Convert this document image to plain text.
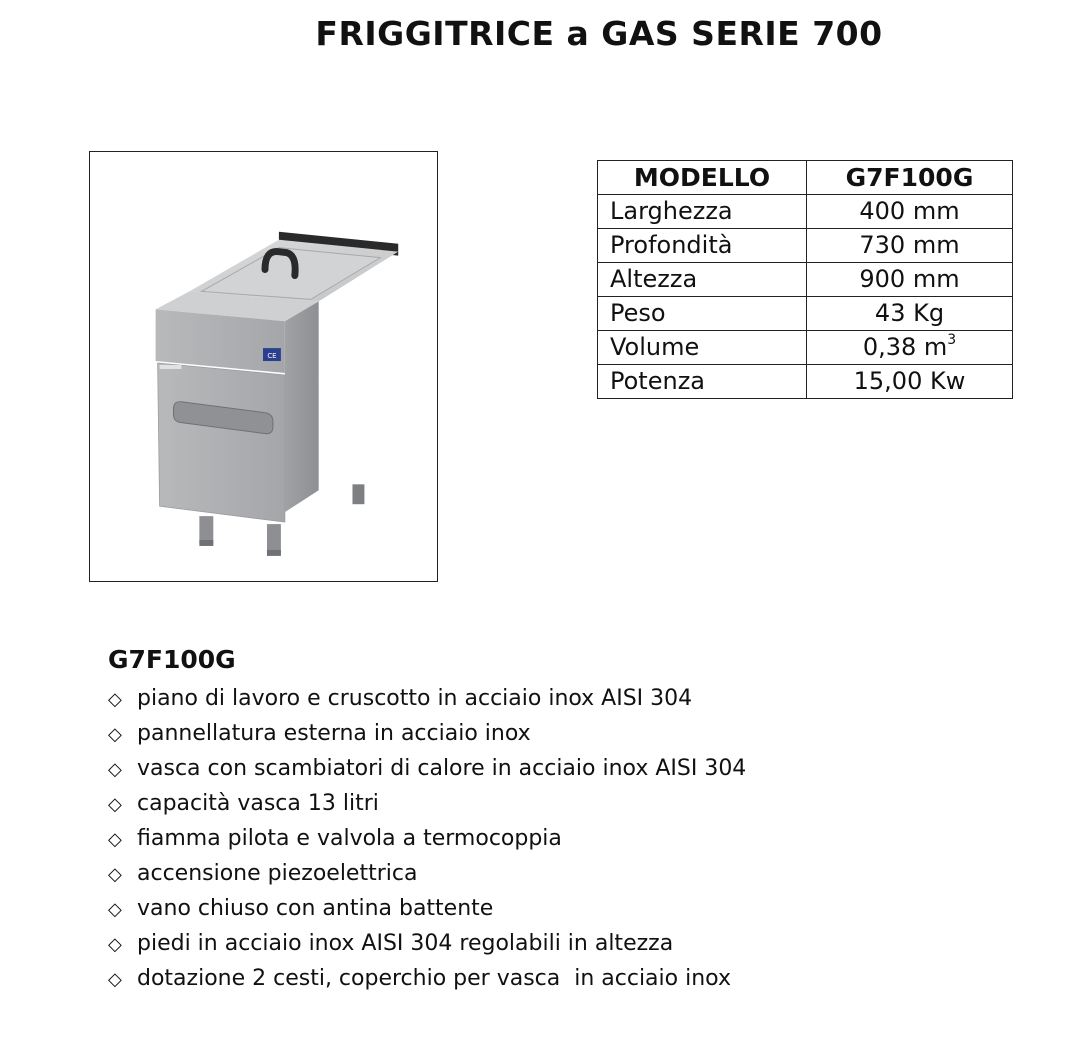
FRIGGITRICE a GAS SERIE 700
CE
MODELLO	G7F100G
Larghezza	400 mm
Profondità	730 mm
Altezza	900 mm
Peso	43 Kg
Volume	0,38 $m^3$
Potenza	15,00 Kw
G7F100G
◇ piano di lavoro e cruscotto in acciaio inox AISI 304
◇ pannellatura esterna in acciaio inox
◇ vasca con scambiatori di calore in acciaio inox AISI 304
◇ capacità vasca 13 litri
◇ fiamma pilota e valvola a termocoppia
◇ accensione piezoelettrica
◇ vano chiuso con antina battente
◇ piedi in acciaio inox AISI 304 regolabili in altezza
◇ dotazione 2 cesti, coperchio per vasca  in acciaio inox
